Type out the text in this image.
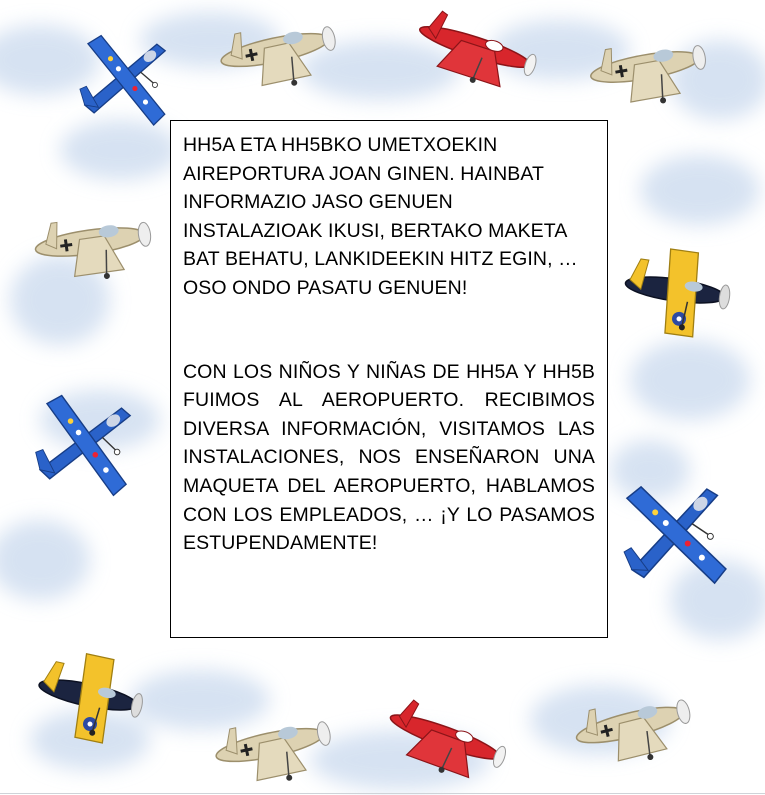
HH5A ETA HH5BKO UMETXOEKIN AIREPORTURA JOAN GINEN. HAINBAT INFORMAZIO JASO GENUEN INSTALAZIOAK IKUSI, BERTAKO MAKETA BAT BEHATU, LANKIDEEKIN HITZ EGIN, … OSO ONDO PASATU GENUEN!

CON LOS NIÑOS Y NIÑAS DE HH5A Y HH5B FUIMOS AL AEROPUERTO. RECIBIMOS DIVERSA INFORMACIÓN, VISITAMOS LAS INSTALACIONES, NOS ENSEÑARON UNA MAQUETA DEL AEROPUERTO, HABLAMOS CON LOS EMPLEADOS, … ¡Y LO PASAMOS ESTUPENDAMENTE!
